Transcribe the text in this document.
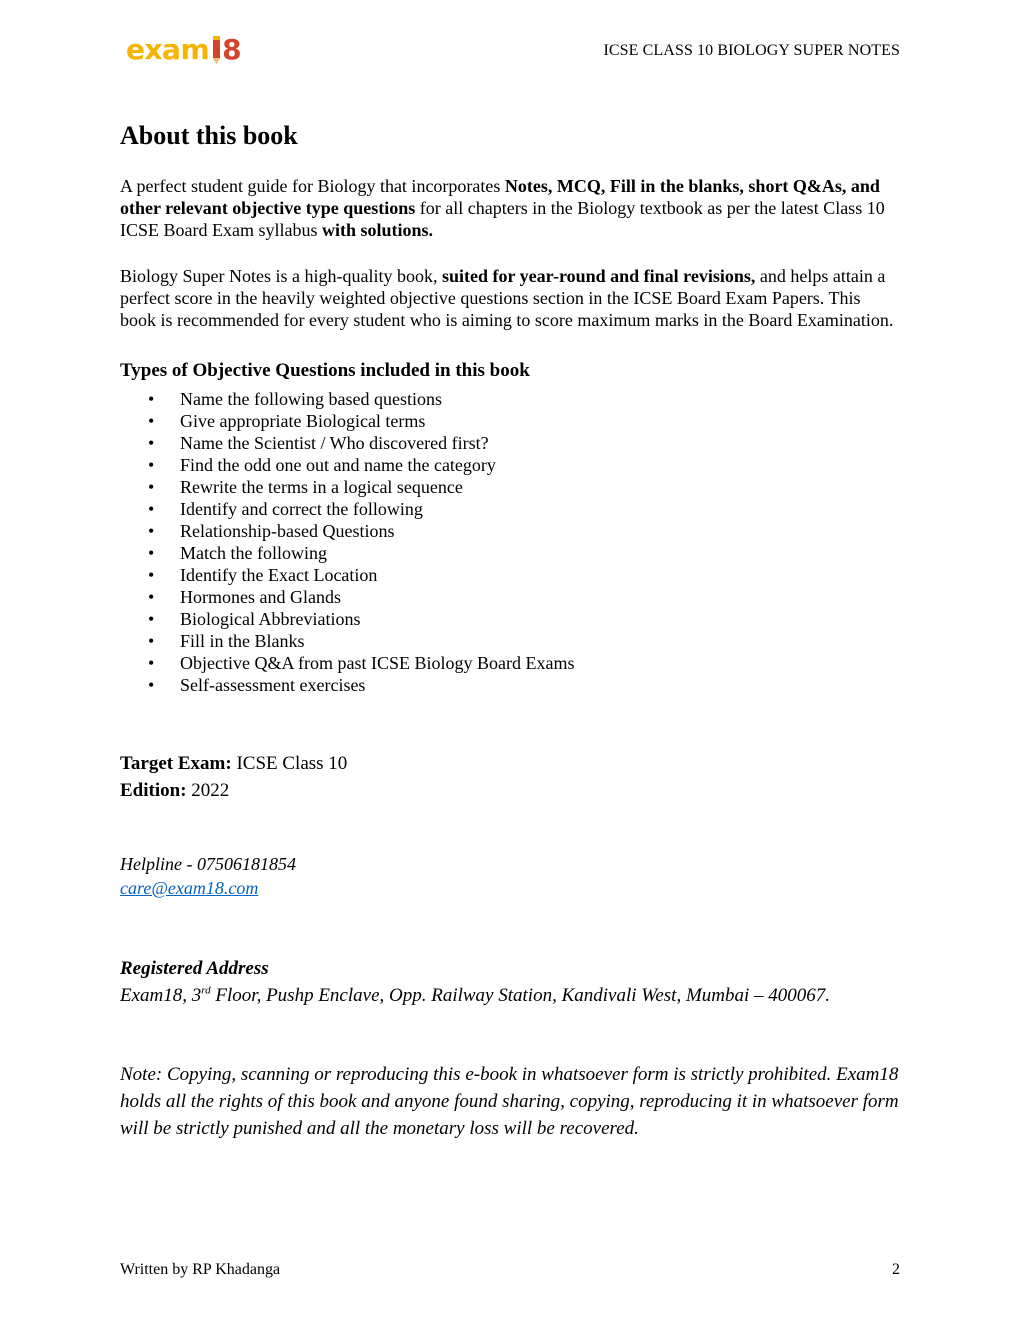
exam 8	ICSE CLASS 10 BIOLOGY SUPER NOTES
About this book

A perfect student guide for Biology that incorporates Notes, MCQ, Fill in the blanks, short Q&As, and other relevant objective type questions for all chapters in the Biology textbook as per the latest Class 10 ICSE Board Exam syllabus with solutions.

Biology Super Notes is a high-quality book, suited for year-round and final revisions, and helps attain a perfect score in the heavily weighted objective questions section in the ICSE Board Exam Papers. This book is recommended for every student who is aiming to score maximum marks in the Board Examination.

Types of Objective Questions included in this book
• Name the following based questions
• Give appropriate Biological terms
• Name the Scientist / Who discovered first?
• Find the odd one out and name the category
• Rewrite the terms in a logical sequence
• Identify and correct the following
• Relationship-based Questions
• Match the following
• Identify the Exact Location
• Hormones and Glands
• Biological Abbreviations
• Fill in the Blanks
• Objective Q&A from past ICSE Biology Board Exams
• Self-assessment exercises
Target Exam: ICSE Class 10
Edition: 2022
Helpline - 07506181854
care@exam18.com
Registered Address
Exam18, 3rd Floor, Pushp Enclave, Opp. Railway Station, Kandivali West, Mumbai – 400067.
Note: Copying, scanning or reproducing this e-book in whatsoever form is strictly prohibited. Exam18 holds all the rights of this book and anyone found sharing, copying, reproducing it in whatsoever form will be strictly punished and all the monetary loss will be recovered.
Written by RP Khadanga	2
